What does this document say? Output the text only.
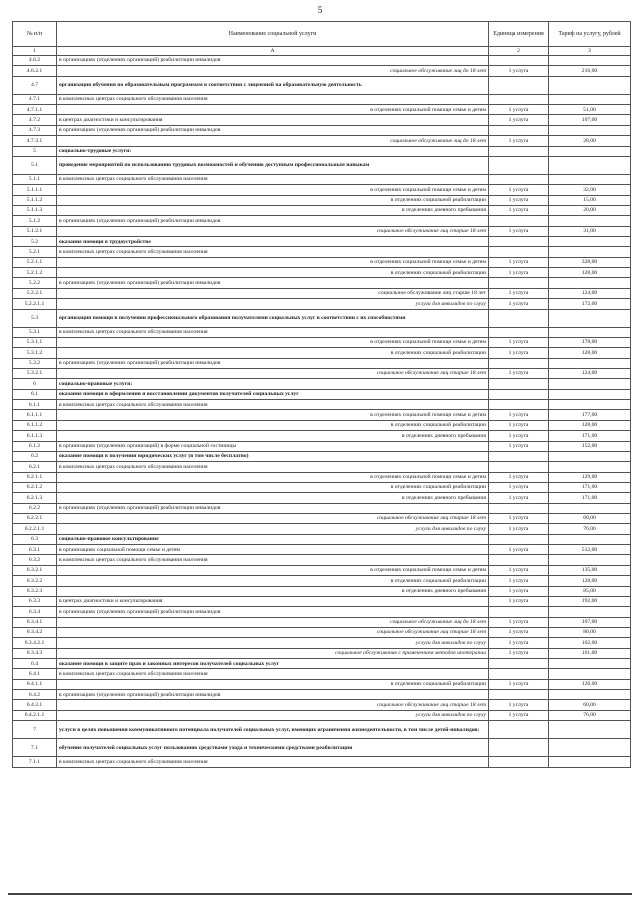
5
№ п/п	Наименование социальной услуги	Единица измерения	Тариф на услугу, рублей
1	А	2	3
4.6.2	в организациях (отделениях организаций) реабилитации инвалидов		
4.6.2.1	социальное обслуживание лиц до 18 лет	1 услуга	216,00
4.7	организация обучения по образовательным программам в соответствии с лицензией на образовательную деятельность		
4.7.1	в комплексных центрах социального обслуживания населения		
4.7.1.1	в отделениях социальной помощи семье и детям	1 услуга	51,00
4.7.2	в центрах диагностики и консультирования	1 услуга	107,00
4.7.3	в организациях (отделениях организаций) реабилитации инвалидов		
4.7.3.1	социальное обслуживание лиц до 18 лет	1 услуга	28,00
5	социально-трудовые услуги:		
5.1	проведение мероприятий по использованию трудовых возможностей и обучению доступным профессиональным навыкам		
5.1.1	в комплексных центрах социального обслуживания населения		
5.1.1.1	в отделениях социальной помощи семье и детям	1 услуга	32,00
5.1.1.2	в отделениях социальной реабилитации	1 услуга	15,00
5.1.1.3	в отделениях дневного пребывания	1 услуга	20,00
5.1.2	в организациях (отделениях организаций) реабилитации инвалидов		
5.1.2.1	социальное обслуживание лиц старше 18 лет	1 услуга	31,00
5.2	оказание помощи в трудоустройстве		
5.2.1	в комплексных центрах социального обслуживания населения		
5.2.1.1	в отделениях социальной помощи семье и детям	1 услуга	328,00
5.2.1.2	в отделениях социальной реабилитации	1 услуга	128,00
5.2.2	в организациях (отделениях организаций) реабилитации инвалидов		
5.2.2.1	социальное обслуживание лиц старше 18 лет	1 услуга	124,00
5.2.2.1.1	услуги для инвалидов по слуху	1 услуга	172,00
5.3	организация помощи в получении профессионального образования получателями социальных услуг в соответствии с их способностями		
5.3.1	в комплексных центрах социального обслуживания населения		
5.3.1.1	в отделениях социальной помощи семье и детям	1 услуга	178,00
5.3.1.2	в отделениях социальной реабилитации	1 услуга	128,00
5.3.2	в организациях (отделениях организаций) реабилитации инвалидов		
5.3.2.1	социальное обслуживание лиц старше 18 лет	1 услуга	124,00
6	социально-правовые услуги:		
6.1	оказание помощи в оформлении и восстановлении документов получателей социальных услуг		
6.1.1	в комплексных центрах социального обслуживания населения		
6.1.1.1	в отделениях социальной помощи семье и детям	1 услуга	177,00
6.1.1.2	в отделениях социальной реабилитации	1 услуга	128,00
6.1.1.3	в отделениях дневного пребывания	1 услуга	171,00
6.1.2	в организациях (отделениях организаций) в форме социальной гостиницы	1 услуга	152,00
6.2	оказание помощи в получении юридических услуг (в том числе бесплатно)		
6.2.1	в комплексных центрах социального обслуживания населения		
6.2.1.1	в отделениях социальной помощи семье и детям	1 услуга	129,00
6.2.1.2	в отделениях социальной реабилитации	1 услуга	171,00
6.2.1.3	в отделениях дневного пребывания	1 услуга	171,00
6.2.2	в организациях (отделениях организаций) реабилитации инвалидов		
6.2.2.1	социальное обслуживание лиц старше 18 лет	1 услуга	60,00
6.2.2.1.1	услуги для инвалидов по слуху	1 услуга	76,00
6.3	социально-правовое консультирование		
6.3.1	в организациях социальной помощи семье и детям	1 услуга	512,00
6.3.2	в комплексных центрах социального обслуживания населения		
6.3.2.1	в отделениях социальной помощи семье и детям	1 услуга	135,00
6.3.2.2	в отделениях социальной реабилитации	1 услуга	128,00
6.3.2.3	в отделениях дневного пребывания	1 услуга	85,00
6.3.3	в центрах диагностики и консультирования	1 услуга	192,00
6.3.4	в организациях (отделениях организаций) реабилитации инвалидов		
6.3.4.1	социальное обслуживание лиц до 18 лет	1 услуга	107,00
6.3.4.2	социальное обслуживание лиц старше 18 лет	1 услуга	80,00
6.3.4.2.1	услуги для инвалидов по слуху	1 услуга	102,00
6.3.4.3	социальное обслуживание с применением методов ипотерапии	1 услуга	161,00
6.4	оказание помощи в защите прав и законных интересов получателей социальных услуг		
6.4.1	в комплексных центрах социального обслуживания населения		
6.4.1.1	в отделениях социальной реабилитации	1 услуга	126,00
6.4.2	в организациях (отделениях организаций) реабилитации инвалидов		
6.4.2.1	социальное обслуживание лиц старше 18 лет	1 услуга	60,00
6.4.2.1.1	услуги для инвалидов по слуху	1 услуга	76,00
7	услуги в целях повышения коммуникативного потенциала получателей социальных услуг, имеющих ограничения жизнедеятельности, в том числе детей-инвалидов:		
7.1	обучение получателей социальных услуг пользованию средствами ухода и техническими средствами реабилитации		
7.1.1	в комплексных центрах социального обслуживания населения		
